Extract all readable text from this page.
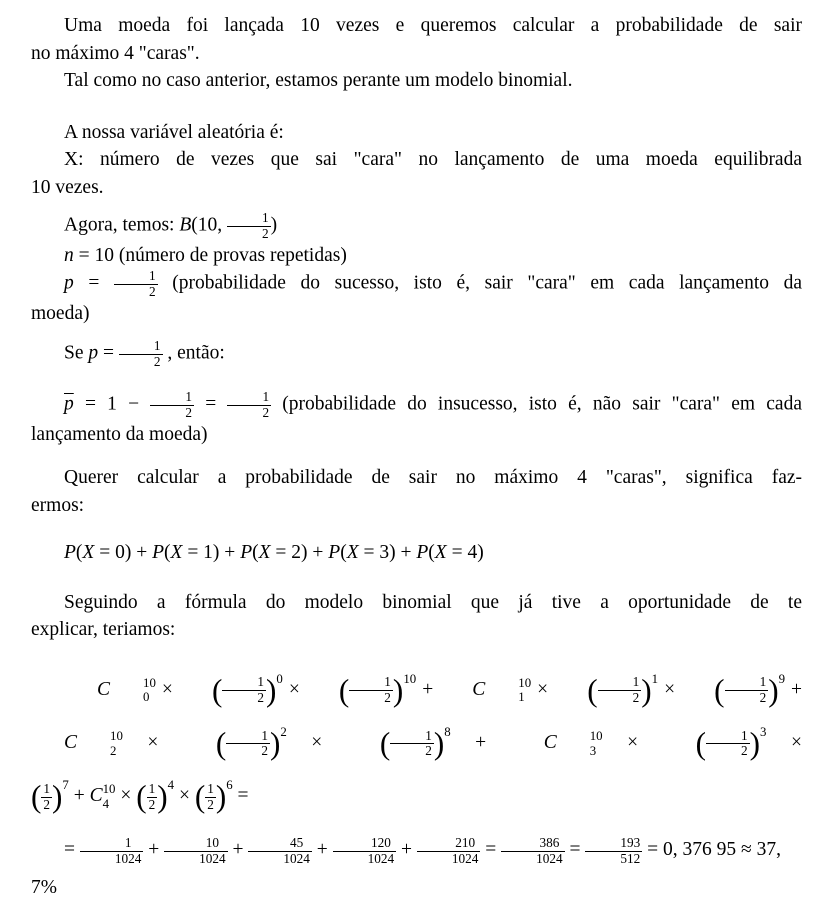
Uma moeda foi lançada 10 vezes e queremos calcular a probabilidade de sair
no máximo 4 "caras".
Tal como no caso anterior, estamos perante um modelo binomial.
A nossa variável aleatória é:
X: número de vezes que sai "cara" no lançamento de uma moeda equilibrada
10 vezes.
Agora, temos: B(10, $\frac{1}{2}$ )
n = 10 (número de provas repetidas)
$p = \frac{1}{2}$ (probabilidade do sucesso, isto é, sair "cara" em cada lançamento da
moeda)
Se $p = \frac{1}{2}$ , então:
$\overline{p} = 1 - \frac{1}{2} = \frac{1}{2}$ (probabilidade do insucesso, isto é, não sair "cara" em cada
lançamento da moeda)
Querer calcular a probabilidade de sair no máximo 4 "caras", significa faz-
ermos:
P(X = 0) + P(X = 1) + P(X = 2) + P(X = 3) + P(X = 4)
Seguindo a fórmula do modelo binomial que já tive a oportunidade de te
explicar, teriamos:
C	10
0 × ( $\frac{1}{2} )^0$ × ( $\frac{1}{2} )^{10} + C$	10
1 × ( $\frac{1}{2} )^1$ × ( $\frac{1}{2} )^9 + C$	10
2 × ( $\frac{1}{2} )^2$ × ( $\frac{1}{2} )^8 + C$	10
3 × ( $\frac{1}{2} )^3$ ×
( $\frac{1}{2} )^7 + C$ 10
4 × ( $\frac{1}{2} )^4$ × ( $\frac{1}{2} )^6$ =
= $\frac{1}{1024} + \frac{10}{1024} + \frac{45}{1024} + \frac{120}{1024} + \frac{210}{1024} = \frac{386}{1024} = \frac{193}{512} = 0$, 376 95 ≈ 37, 7%
